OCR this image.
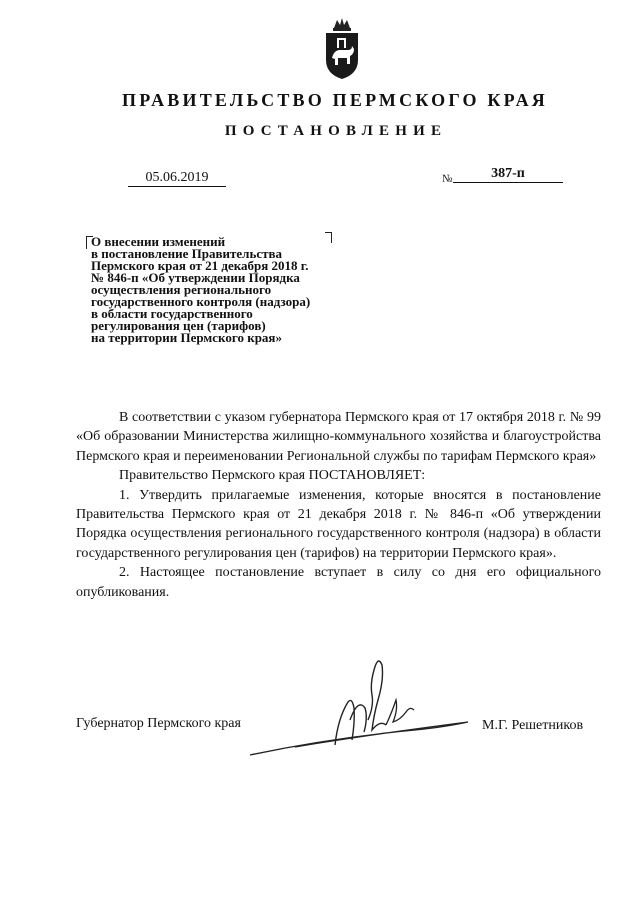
ПРАВИТЕЛЬСТВО ПЕРМСКОГО КРАЯ
ПОСТАНОВЛЕНИЕ
05.06.2019	№	387-п
О внесении изменений
в постановление Правительства
Пермского края от 21 декабря 2018 г.
№ 846-п «Об утверждении Порядка
осуществления регионального
государственного контроля (надзора)
в области государственного
регулирования цен (тарифов)
на территории Пермского края»

В соответствии с указом губернатора Пермского края от 17 октября 2018 г. № 99 «Об образовании Министерства жилищно-коммунального хозяйства и благоустройства Пермского края и переименовании Региональной службы по тарифам Пермского края»

Правительство Пермского края ПОСТАНОВЛЯЕТ:

1. Утвердить прилагаемые изменения, которые вносятся в постановление Правительства Пермского края от 21 декабря 2018 г. № 846-п «Об утверждении Порядка осуществления регионального государственного контроля (надзора) в области государственного регулирования цен (тарифов) на территории Пермского края».

2. Настоящее постановление вступает в силу со дня его официального опубликования.

Губернатор Пермского края	М.Г. Решетников
